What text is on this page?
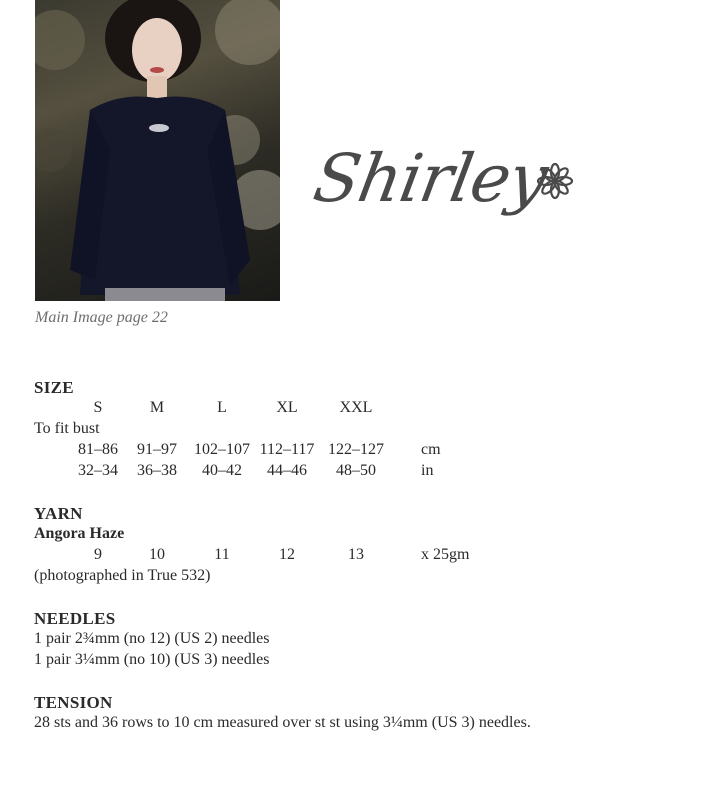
Main Image page 22
Shirley
SIZE
S	M	L	XL	XXL
To fit bust
81–86	91–97	102–107 112–117 122–127	cm
32–34	36–38	40–42	44–46	48–50	in
YARN
Angora Haze
9	10	11	12	13	x 25gm
(photographed in True 532)
NEEDLES
1 pair 2¾mm (no 12) (US 2) needles
1 pair 3¼mm (no 10) (US 3) needles
TENSION
28 sts and 36 rows to 10 cm measured over st st using 3¼mm (US 3) needles.
